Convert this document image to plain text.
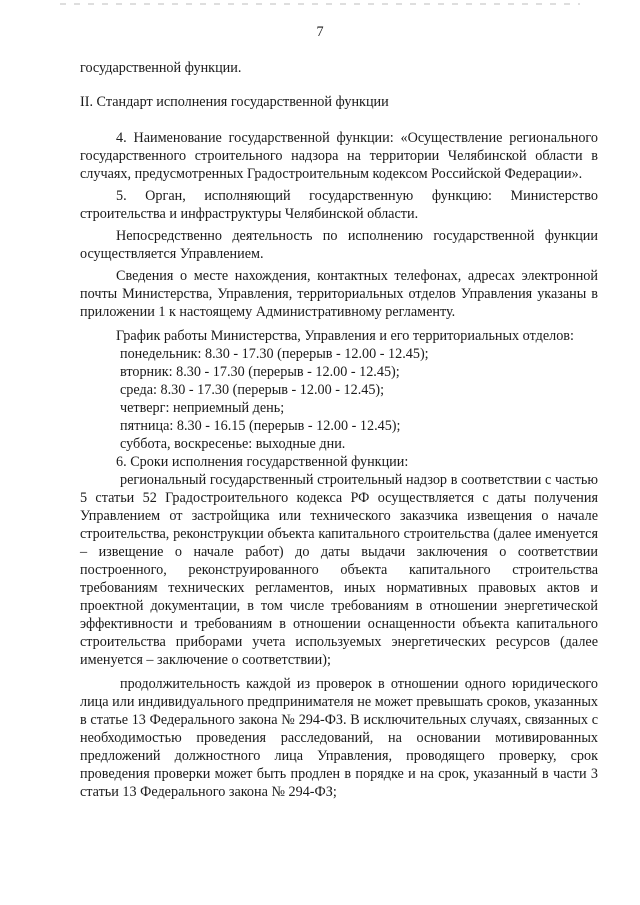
7

государственной функции.

II. Стандарт исполнения государственной функции

4. Наименование государственной функции: «Осуществление регионального государственного строительного надзора на территории Челябинской области в случаях, предусмотренных Градостроительным кодексом Российской Федерации».

5. Орган, исполняющий государственную функцию: Министерство строительства и инфраструктуры Челябинской области.

Непосредственно деятельность по исполнению государственной функции осуществляется Управлением.

Сведения о месте нахождения, контактных телефонах, адресах электронной почты Министерства, Управления, территориальных отделов Управления указаны в приложении 1 к настоящему Административному регламенту.

График работы Министерства, Управления и его территориальных отделов:

понедельник: 8.30 - 17.30 (перерыв - 12.00 - 12.45);

вторник: 8.30 - 17.30 (перерыв - 12.00 - 12.45);

среда: 8.30 - 17.30 (перерыв - 12.00 - 12.45);

четверг: неприемный день;

пятница: 8.30 - 16.15 (перерыв - 12.00 - 12.45);

суббота, воскресенье: выходные дни.

6. Сроки исполнения государственной функции:

региональный государственный строительный надзор в соответствии с частью 5 статьи 52 Градостроительного кодекса РФ осуществляется с даты получения Управлением от застройщика или технического заказчика извещения о начале строительства, реконструкции объекта капитального строительства (далее именуется – извещение о начале работ) до даты выдачи заключения о соответствии построенного, реконструированного объекта капитального строительства требованиям технических регламентов, иных нормативных правовых актов и проектной документации, в том числе требованиям в отношении энергетической эффективности и требованиям в отношении оснащенности объекта капитального строительства приборами учета используемых энергетических ресурсов (далее именуется – заключение о соответствии);

продолжительность каждой из проверок в отношении одного юридического лица или индивидуального предпринимателя не может превышать сроков, указанных в статье 13 Федерального закона № 294-ФЗ. В исключительных случаях, связанных с необходимостью проведения расследований, на основании мотивированных предложений должностного лица Управления, проводящего проверку, срок проведения проверки может быть продлен в порядке и на срок, указанный в части 3 статьи 13 Федерального закона № 294-ФЗ;
